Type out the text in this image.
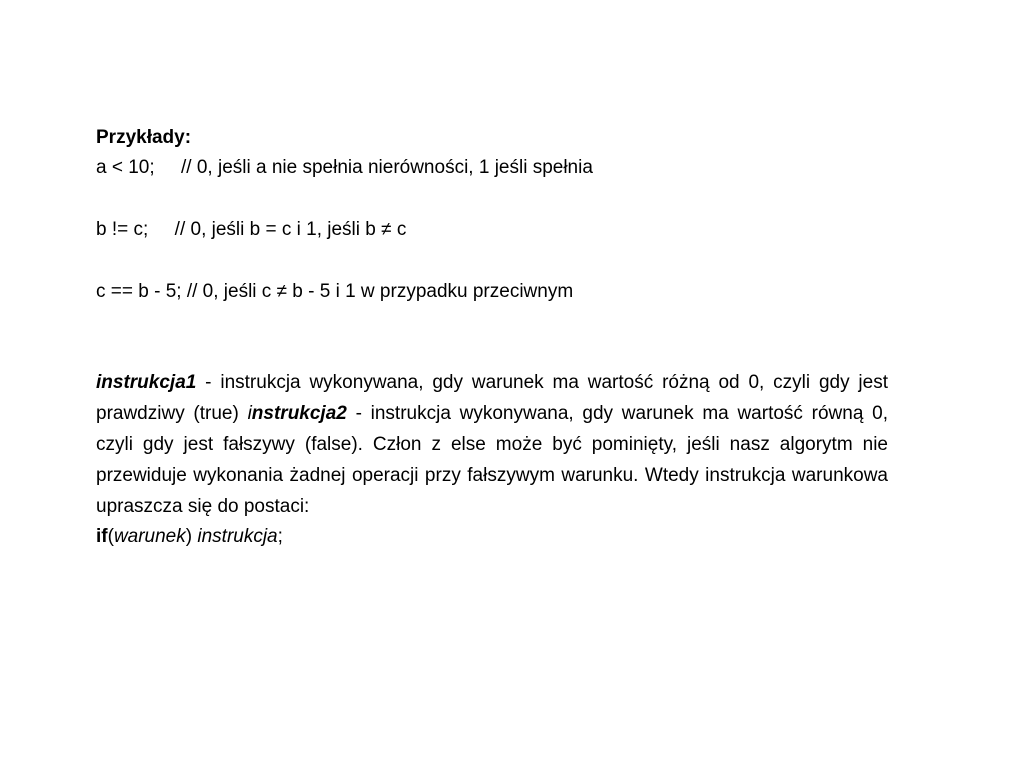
Przykłady:
a < 10;     // 0, jeśli a nie spełnia nierówności, 1 jeśli spełnia
b != c;     // 0, jeśli b = c i 1, jeśli b ≠ c
c == b - 5; // 0, jeśli c ≠ b - 5 i 1 w przypadku przeciwnym
instrukcja1 - instrukcja wykonywana, gdy warunek ma wartość różną od 0, czyli gdy jest prawdziwy (true) instrukcja2 - instrukcja wykonywana, gdy warunek ma wartość równą 0, czyli gdy jest fałszywy (false). Człon z else może być pominięty, jeśli nasz algorytm nie przewiduje wykonania żadnej operacji przy fałszywym warunku. Wtedy instrukcja warunkowa upraszcza się do postaci:
if(warunek) instrukcja;
